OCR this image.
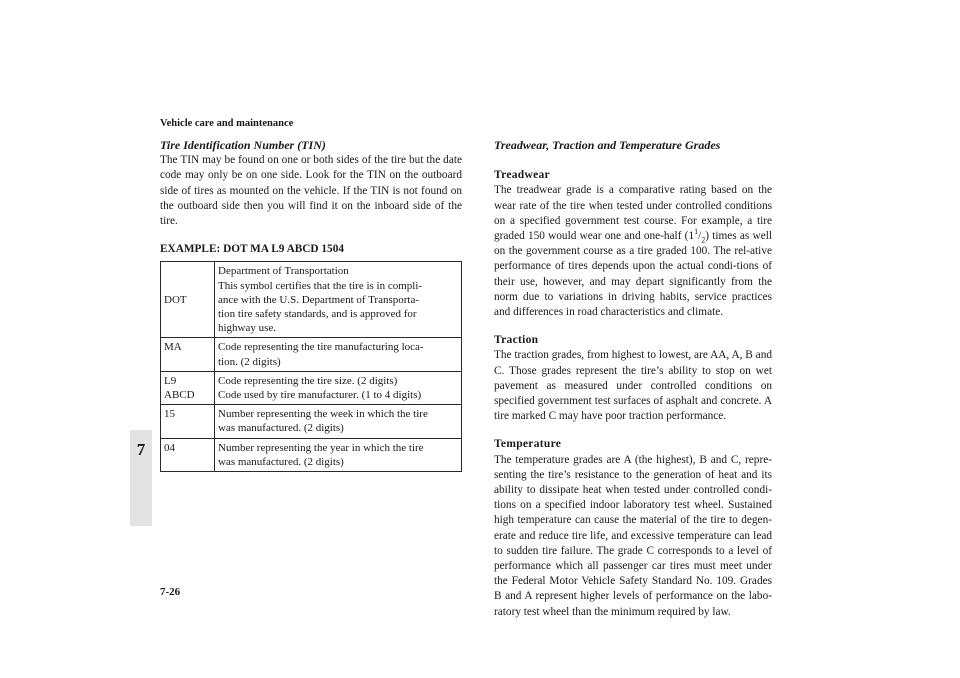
Vehicle care and maintenance
7
7-26
Tire Identification Number (TIN)

The TIN may be found on one or both sides of the tire but the date code may only be on one side. Look for the TIN on the outboard side of tires as mounted on the vehicle. If the TIN is not found on the outboard side then you will find it on the inboard side of the tire.

EXAMPLE: DOT MA L9 ABCD 1504
DOT	Department of Transportation
This symbol certifies that the tire is in compli-
ance with the U.S. Department of Transporta-
tion tire safety standards, and is approved for
highway use.
MA	Code representing the tire manufacturing loca-
tion. (2 digits)
L9
ABCD	Code representing the tire size. (2 digits)
Code used by tire manufacturer. (1 to 4 digits)
15	Number representing the week in which the tire
was manufactured. (2 digits)
04	Number representing the year in which the tire
was manufactured. (2 digits)
Treadwear, Traction and Temperature Grades
Treadwear

The treadwear grade is a comparative rating based on the wear rate of the tire when tested under controlled conditions on a specified government test course. For example, a tire graded 150 would wear one and one-half $(1^1/_2)$ times as well on the government course as a tire graded 100. The rel-ative performance of tires depends upon the actual condi-tions of their use, however, and may depart significantly from the norm due to variations in driving habits, service practices and differences in road characteristics and climate.

Traction

The traction grades, from highest to lowest, are AA, A, B and C. Those grades represent the tire’s ability to stop on wet pavement as measured under controlled conditions on specified government test surfaces of asphalt and concrete. A tire marked C may have poor traction performance.

Temperature

The temperature grades are A (the highest), B and C, repre-senting the tire’s resistance to the generation of heat and its ability to dissipate heat when tested under controlled condi-tions on a specified indoor laboratory test wheel. Sustained high temperature can cause the material of the tire to degen-erate and reduce tire life, and excessive temperature can lead to sudden tire failure. The grade C corresponds to a level of performance which all passenger car tires must meet under the Federal Motor Vehicle Safety Standard No. 109. Grades B and A represent higher levels of performance on the labo-ratory test wheel than the minimum required by law.
